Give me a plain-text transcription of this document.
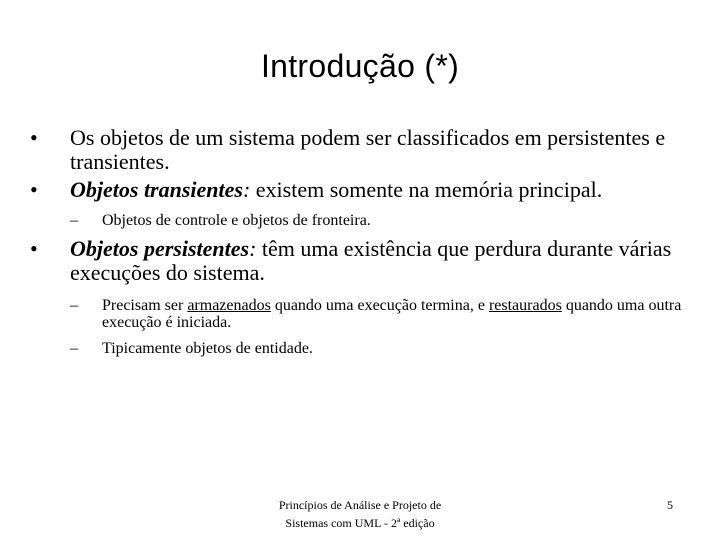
Introdução (*)
• Os objetos de um sistema podem ser classificados em persistentes e transientes.
• Objetos transientes: existem somente na memória principal.
– Objetos de controle e objetos de fronteira.
• Objetos persistentes: têm uma existência que perdura durante várias execuções do sistema.
– Precisam ser armazenados quando uma execução termina, e restaurados quando uma outra execução é iniciada.
– Tipicamente objetos de entidade.
Princípios de Análise e Projeto de
Sistemas com UML - 2ª edição
5
